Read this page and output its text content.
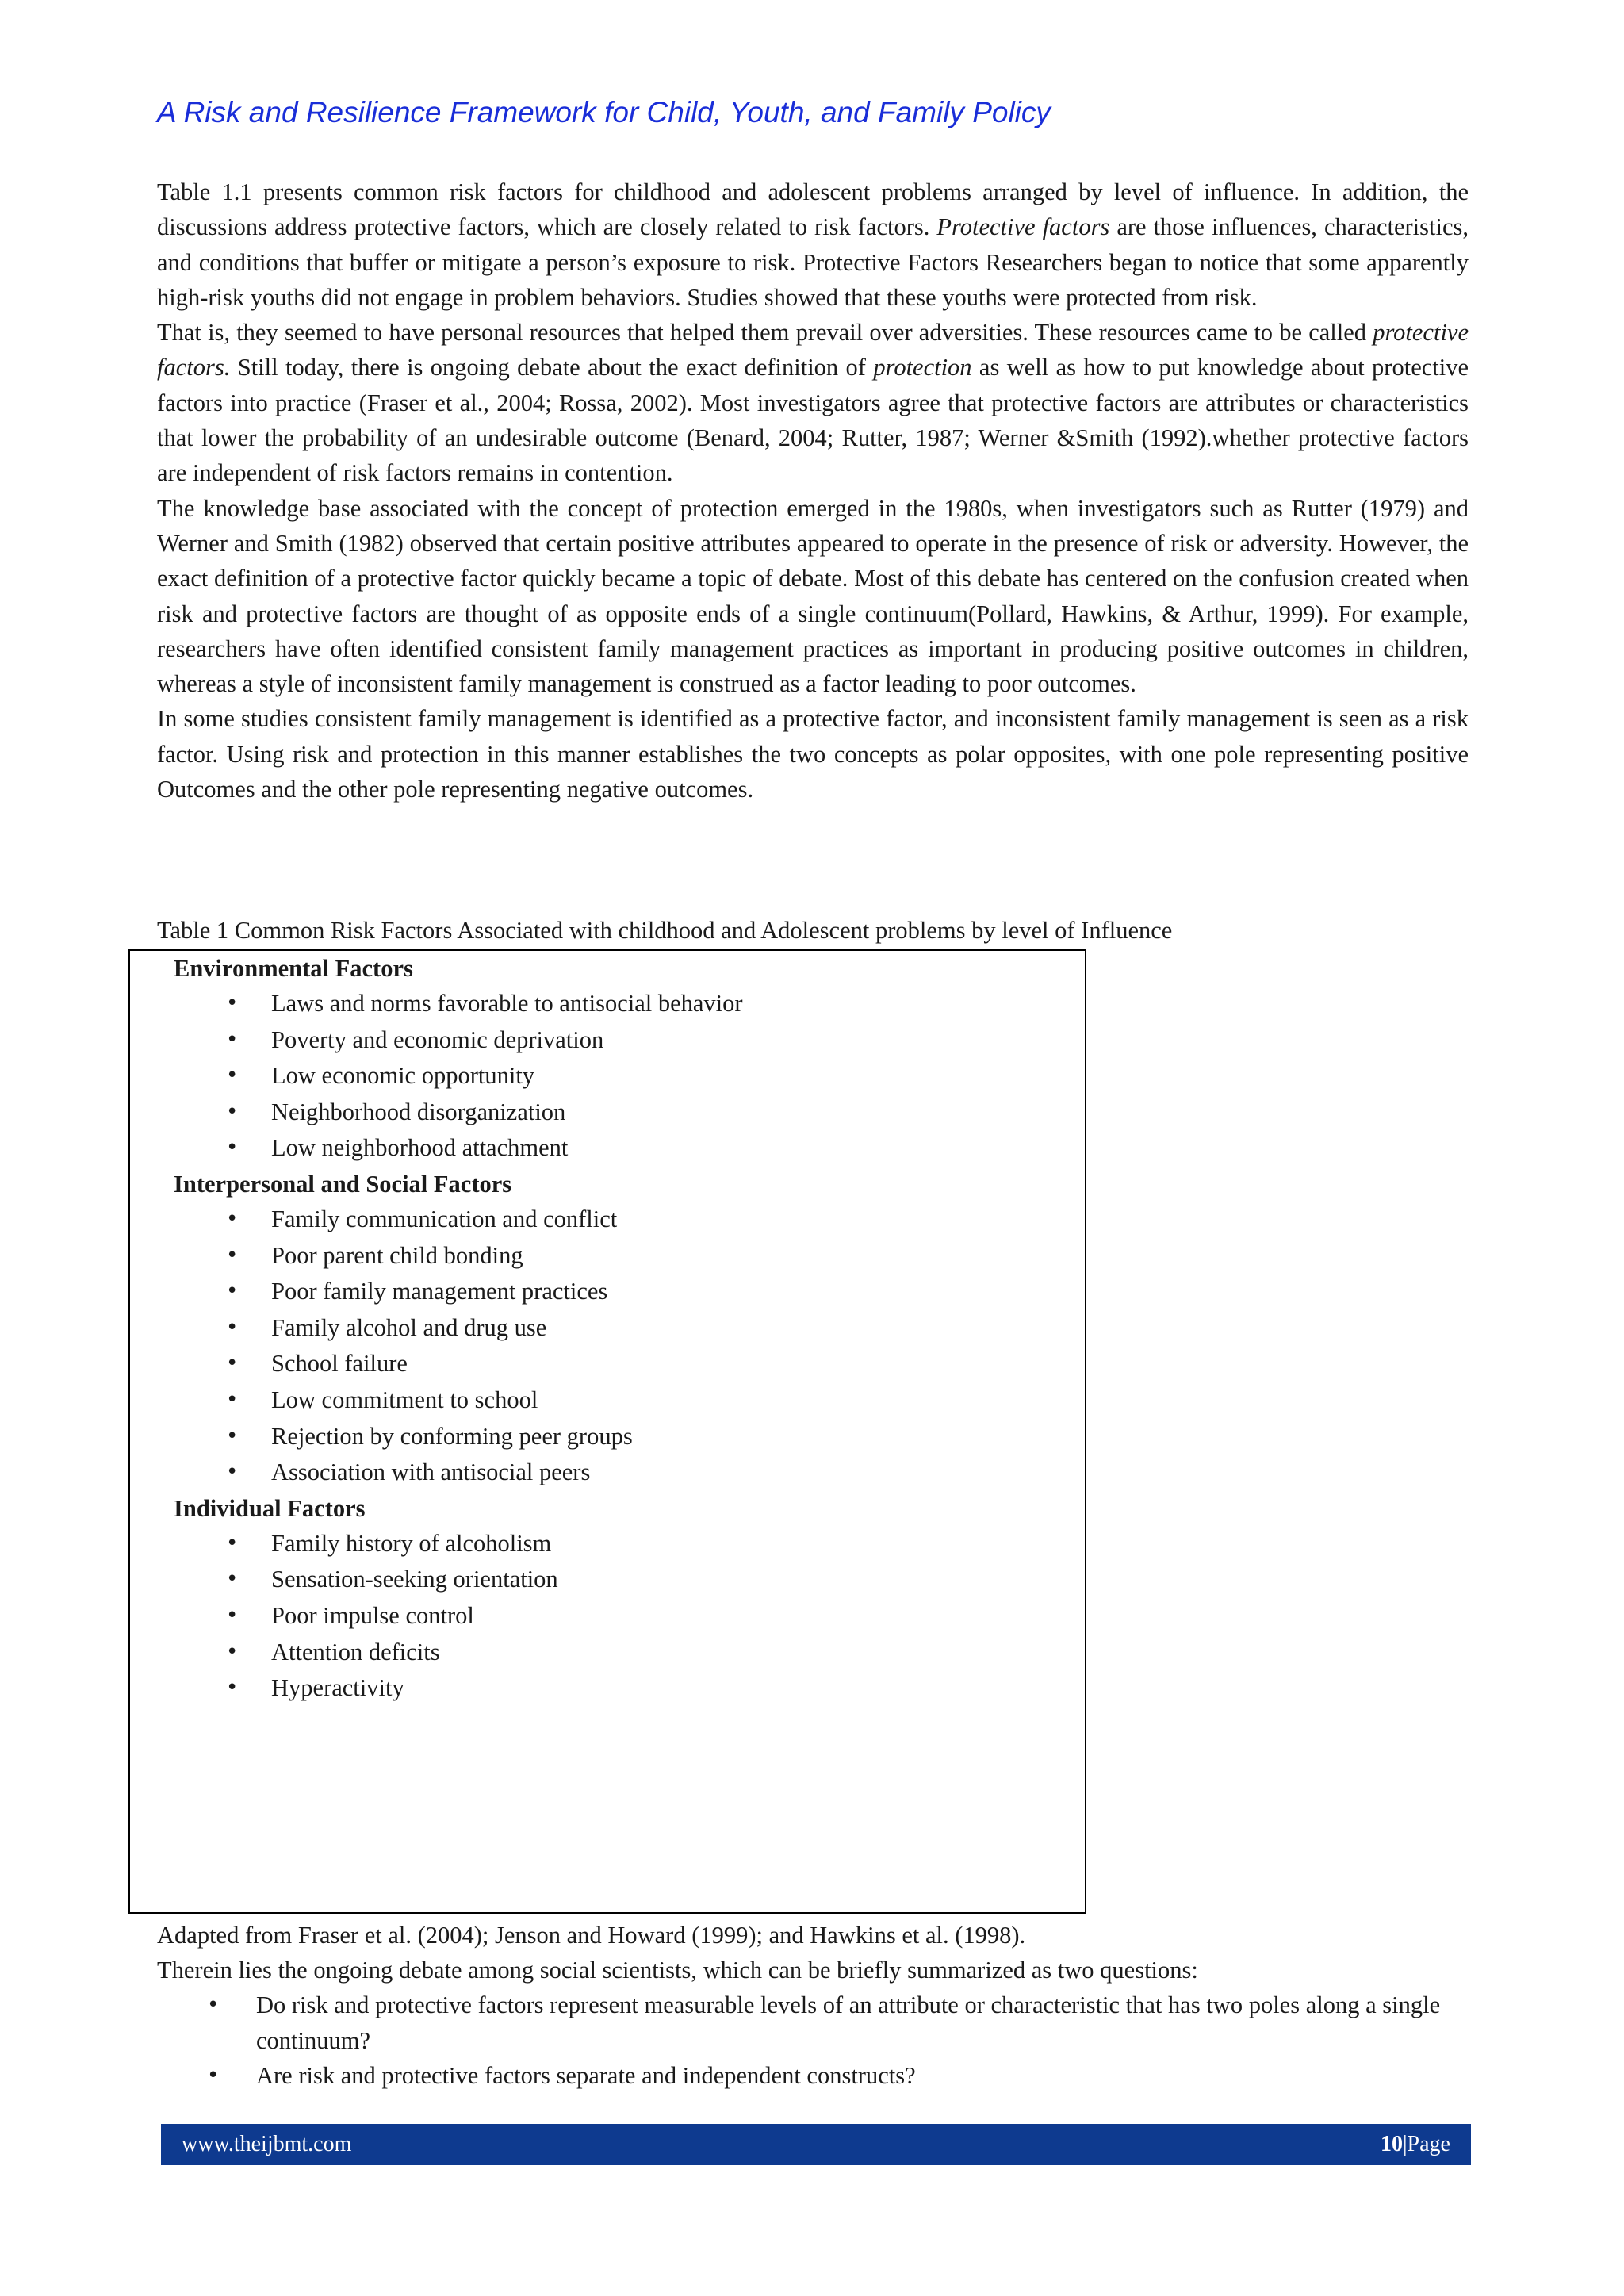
A Risk and Resilience Framework for Child, Youth, and Family Policy

Table 1.1 presents common risk factors for childhood and adolescent problems arranged by level of influence. In addition, the discussions address protective factors, which are closely related to risk factors. Protective factors are those influences, characteristics, and conditions that buffer or mitigate a person’s exposure to risk. Protective Factors Researchers began to notice that some apparently high-risk youths did not engage in problem behaviors. Studies showed that these youths were protected from risk.

That is, they seemed to have personal resources that helped them prevail over adversities. These resources came to be called protective factors. Still today, there is ongoing debate about the exact definition of protection as well as how to put knowledge about protective factors into practice (Fraser et al., 2004; Rossa, 2002). Most investigators agree that protective factors are attributes or characteristics that lower the probability of an undesirable outcome (Benard, 2004; Rutter, 1987; Werner &Smith (1992).whether protective factors are independent of risk factors remains in contention.

The knowledge base associated with the concept of protection emerged in the 1980s, when investigators such as Rutter (1979) and Werner and Smith (1982) observed that certain positive attributes appeared to operate in the presence of risk or adversity. However, the exact definition of a protective factor quickly became a topic of debate. Most of this debate has centered on the confusion created when risk and protective factors are thought of as opposite ends of a single continuum(Pollard, Hawkins, & Arthur, 1999). For example, researchers have often identified consistent family management practices as important in producing positive outcomes in children, whereas a style of inconsistent family management is construed as a factor leading to poor outcomes.

In some studies consistent family management is identified as a protective factor, and inconsistent family management is seen as a risk factor. Using risk and protection in this manner establishes the two concepts as polar opposites, with one pole representing positive Outcomes and the other pole representing negative outcomes.

Table 1 Common Risk Factors Associated with childhood and Adolescent problems by level of Influence

Environmental Factors

• Laws and norms favorable to antisocial behavior
• Poverty and economic deprivation
• Low economic opportunity
• Neighborhood disorganization
• Low neighborhood attachment

Interpersonal and Social Factors

• Family communication and conflict
• Poor parent child bonding
• Poor family management practices
• Family alcohol and drug use
• School failure
• Low commitment to school
• Rejection by conforming peer groups
• Association with antisocial peers

Individual Factors

• Family history of alcoholism
• Sensation-seeking orientation
• Poor impulse control
• Attention deficits
• Hyperactivity

Adapted from Fraser et al. (2004); Jenson and Howard (1999); and Hawkins et al. (1998).

Therein lies the ongoing debate among social scientists, which can be briefly summarized as two questions:

• Do risk and protective factors represent measurable levels of an attribute or characteristic that has two poles along a single continuum?
• Are risk and protective factors separate and independent constructs?
www.theijbmt.com	10|Page
